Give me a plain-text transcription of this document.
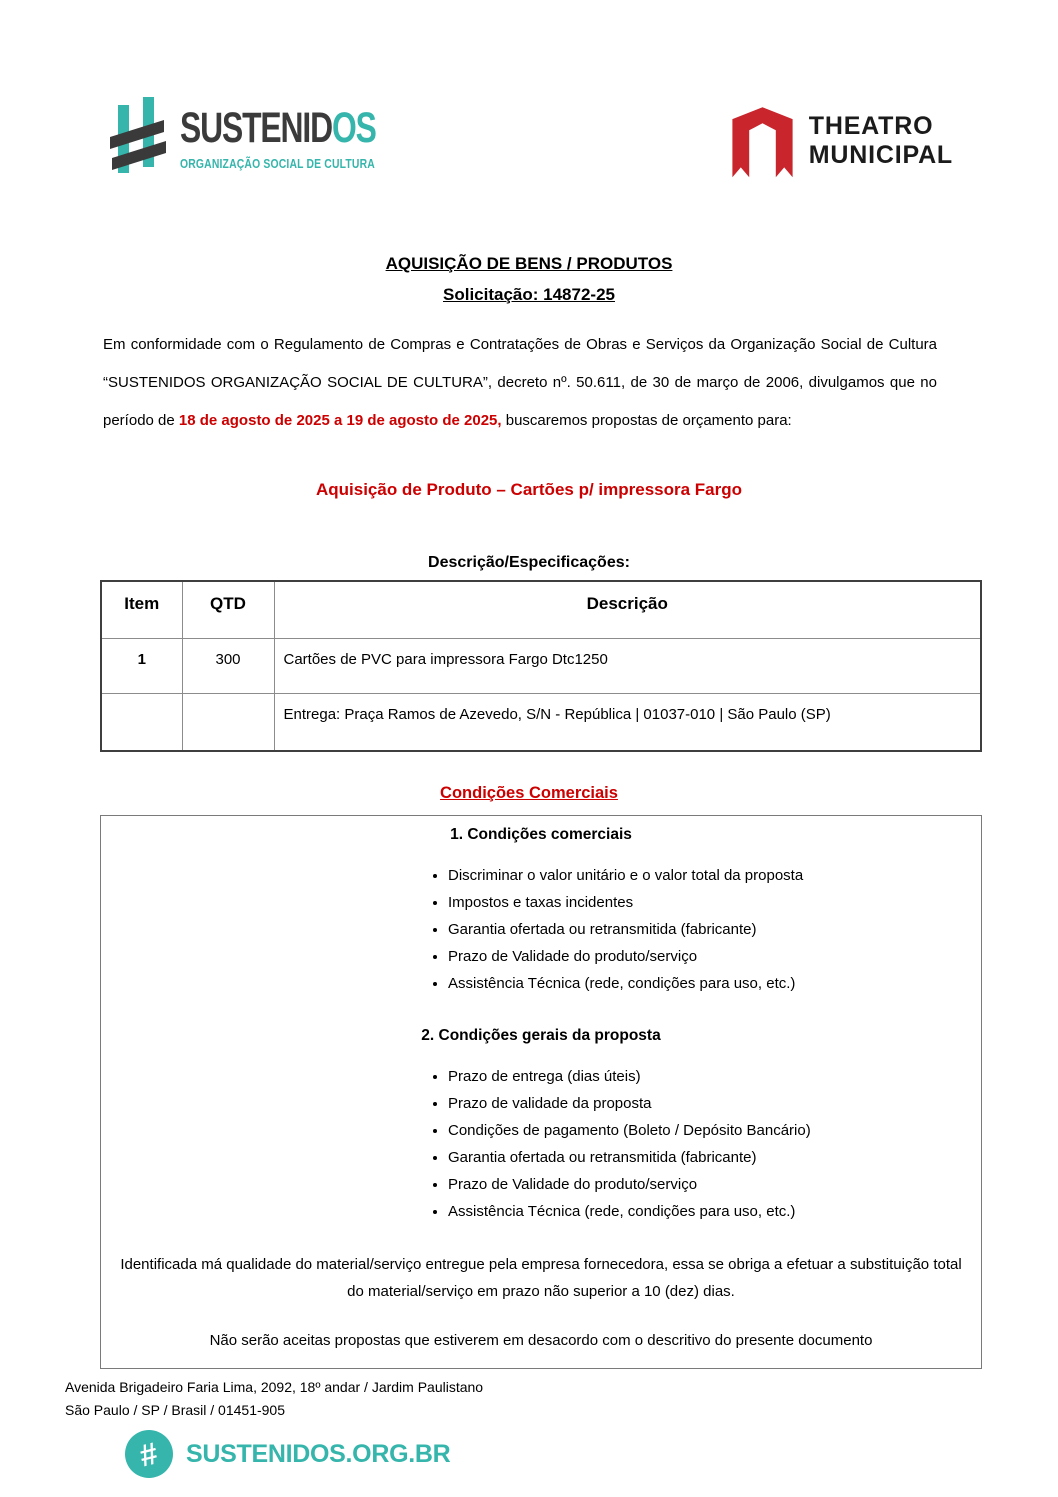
SUSTENIDOS
ORGANIZAÇÃO SOCIAL DE CULTURA
THEATRO
MUNICIPAL
AQUISIÇÃO DE BENS / PRODUTOS
Solicitação: 14872-25

Em conformidade com o Regulamento de Compras e Contratações de Obras e Serviços da Organização Social de Cultura “SUSTENIDOS ORGANIZAÇÃO SOCIAL DE CULTURA”, decreto nº. 50.611, de 30 de março de 2006, divulgamos que no período de 18 de agosto de 2025 a 19 de agosto de 2025, buscaremos propostas de orçamento para:

Aquisição de Produto – Cartões p/ impressora Fargo
Descrição/Especificações:
Item	QTD	Descrição
1	300	Cartões de PVC para impressora Fargo Dtc1250
		Entrega: Praça Ramos de Azevedo, S/N - República | 01037-010 | São Paulo (SP)
Condições Comerciais
1. Condições comerciais
• Discriminar o valor unitário e o valor total da proposta
• Impostos e taxas incidentes
• Garantia ofertada ou retransmitida (fabricante)
• Prazo de Validade do produto/serviço
• Assistência Técnica (rede, condições para uso, etc.)
2. Condições gerais da proposta
• Prazo de entrega (dias úteis)
• Prazo de validade da proposta
• Condições de pagamento (Boleto / Depósito Bancário)
• Garantia ofertada ou retransmitida (fabricante)
• Prazo de Validade do produto/serviço
• Assistência Técnica (rede, condições para uso, etc.)
Identificada má qualidade do material/serviço entregue pela empresa fornecedora, essa se obriga a efetuar a substituição total do material/serviço em prazo não superior a 10 (dez) dias.
Não serão aceitas propostas que estiverem em desacordo com o descritivo do presente documento
Avenida Brigadeiro Faria Lima, 2092, 18º andar / Jardim Paulistano
São Paulo / SP / Brasil / 01451-905
# SUSTENIDOS.ORG.BR
